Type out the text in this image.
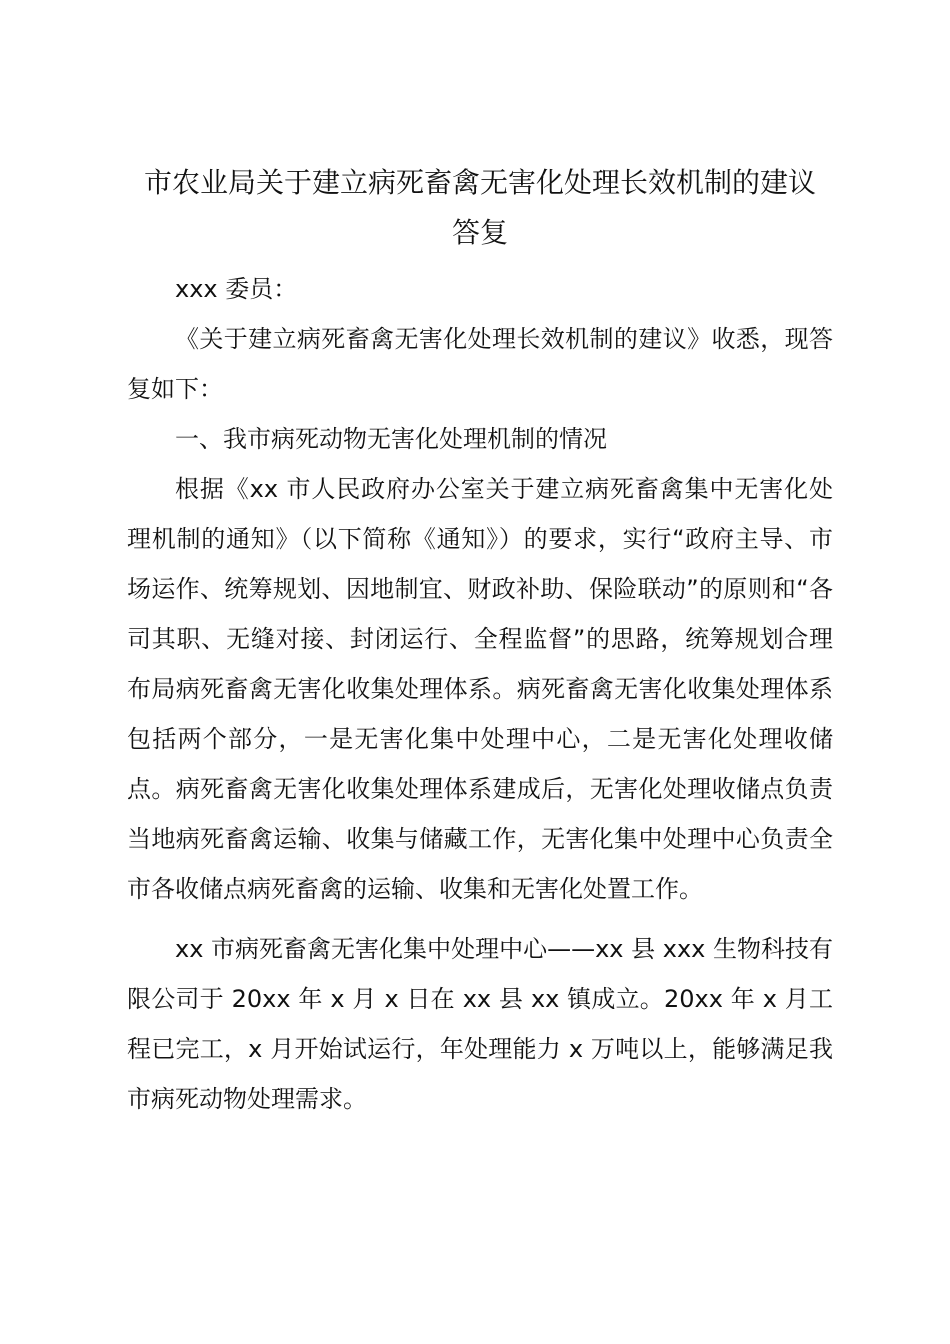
市农业局关于建立病死畜禽无害化处理长效机制的建议
答复

xxx 委员：

《关于建立病死畜禽无害化处理长效机制的建议》收悉，现答复如下：

一、我市病死动物无害化处理机制的情况

根据《xx 市人民政府办公室关于建立病死畜禽集中无害化处理机制的通知》（以下简称《通知》）的要求，实行“政府主导、市场运作、统筹规划、因地制宜、财政补助、保险联动”的原则和“各司其职、无缝对接、封闭运行、全程监督”的思路，统筹规划合理布局病死畜禽无害化收集处理体系。病死畜禽无害化收集处理体系包括两个部分，一是无害化集中处理中心，二是无害化处理收储点。病死畜禽无害化收集处理体系建成后，无害化处理收储点负责当地病死畜禽运输、收集与储藏工作，无害化集中处理中心负责全市各收储点病死畜禽的运输、收集和无害化处置工作。

xx 市病死畜禽无害化集中处理中心——xx 县 xxx 生物科技有限公司于 20xx 年 x 月 x 日在 xx 县 xx 镇成立。20xx 年 x 月工程已完工，x 月开始试运行，年处理能力 x 万吨以上，能够满足我市病死动物处理需求。
